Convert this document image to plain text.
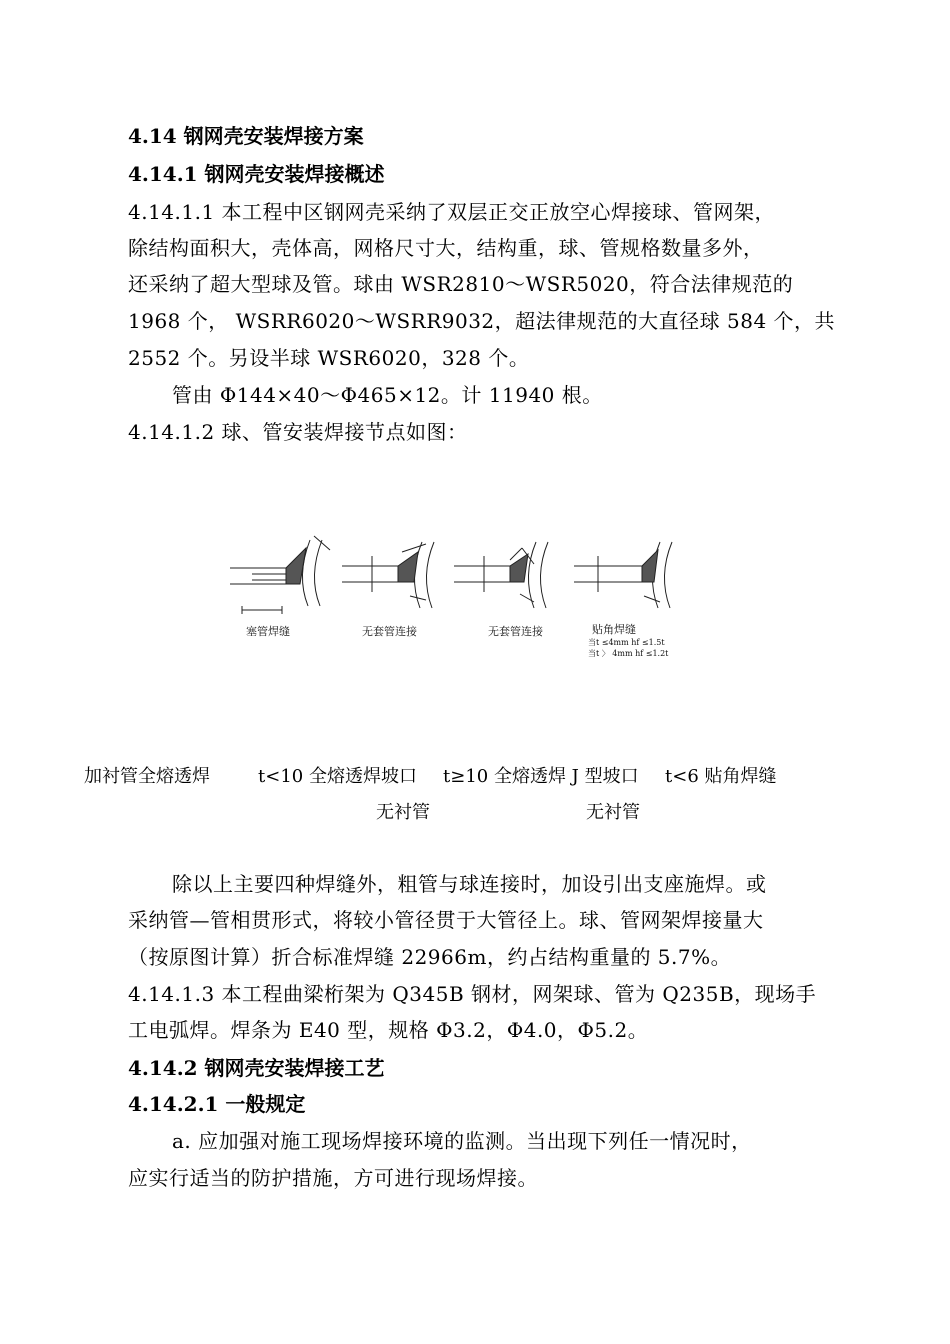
4.14 钢网壳安装焊接方案
4.14.1 钢网壳安装焊接概述
4.14.1.1 本工程中区钢网壳采纳了双层正交正放空心焊接球、管网架，
除结构面积大，壳体高，网格尺寸大，结构重，球、管规格数量多外，
还采纳了超大型球及管。球由 WSR2810～WSR5020，符合法律规范的
1968 个， WSRR6020～WSRR9032，超法律规范的大直径球 584 个，共
2552 个。另设半球 WSR6020，328 个。
管由 Φ144×40～Φ465×12。计 11940 根。
4.14.1.2 球、管安装焊接节点如图：
塞管焊缝	无套管连接	无套管连接	贴角焊缝
当t ≤4mm hf ≤1.5t
当t 〉 4mm hf ≤1.2t
加衬管全熔透焊	t<10 全熔透焊坡口 t≥10 全熔透焊 J 型坡口 t<6 贴角焊缝
无衬管	无衬管
除以上主要四种焊缝外，粗管与球连接时，加设引出支座施焊。或
采纳管—管相贯形式，将较小管径贯于大管径上。球、管网架焊接量大
（按原图计算）折合标准焊缝 22966m，约占结构重量的 5.7%。
4.14.1.3 本工程曲梁桁架为 Q345B 钢材，网架球、管为 Q235B，现场手
工电弧焊。焊条为 E40 型，规格 Φ3.2，Φ4.0，Φ5.2。
4.14.2 钢网壳安装焊接工艺
4.14.2.1 一般规定
a. 应加强对施工现场焊接环境的监测。当出现下列任一情况时，
应实行适当的防护措施，方可进行现场焊接。
